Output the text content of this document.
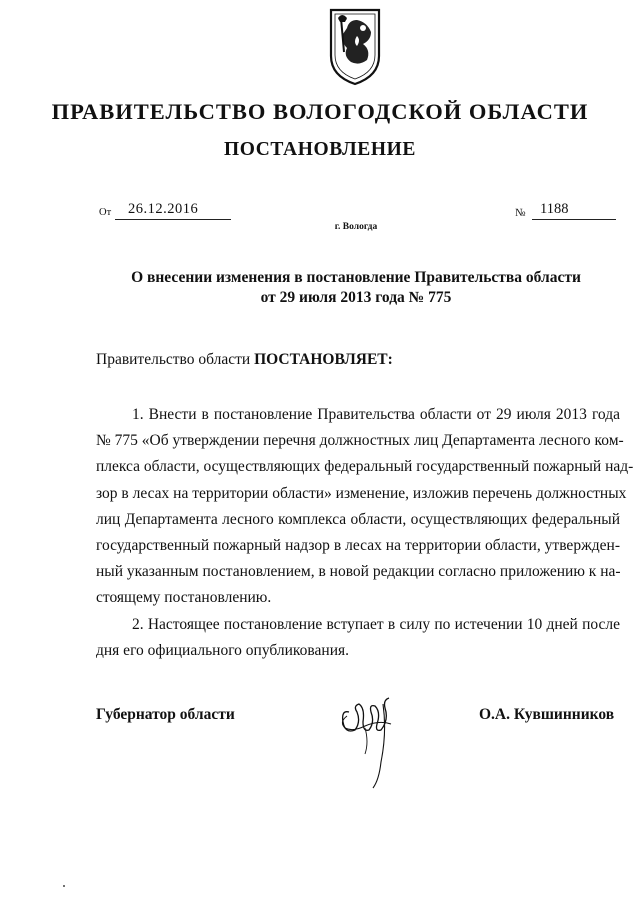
ПРАВИТЕЛЬСТВО ВОЛОГОДСКОЙ ОБЛАСТИ
ПОСТАНОВЛЕНИЕ
От 26.12.2016	№ 1188
г. Вологда
О внесении изменения в постановление Правительства области
от 29 июля 2013 года № 775
Правительство области ПОСТАНОВЛЯЕТ:
1. Внести в постановление Правительства области от 29 июля 2013 года
№ 775 «Об утверждении перечня должностных лиц Департамента лесного ком-
плекса области, осуществляющих федеральный государственный пожарный над-
зор в лесах на территории области» изменение, изложив перечень должностных
лиц Департамента лесного комплекса области, осуществляющих федеральный
государственный пожарный надзор в лесах на территории области, утвержден-
ный указанным постановлением, в новой редакции согласно приложению к на-
стоящему постановлению.
2. Настоящее постановление вступает в силу по истечении 10 дней после
дня его официального опубликования.
Губернатор области	О.А. Кувшинников
